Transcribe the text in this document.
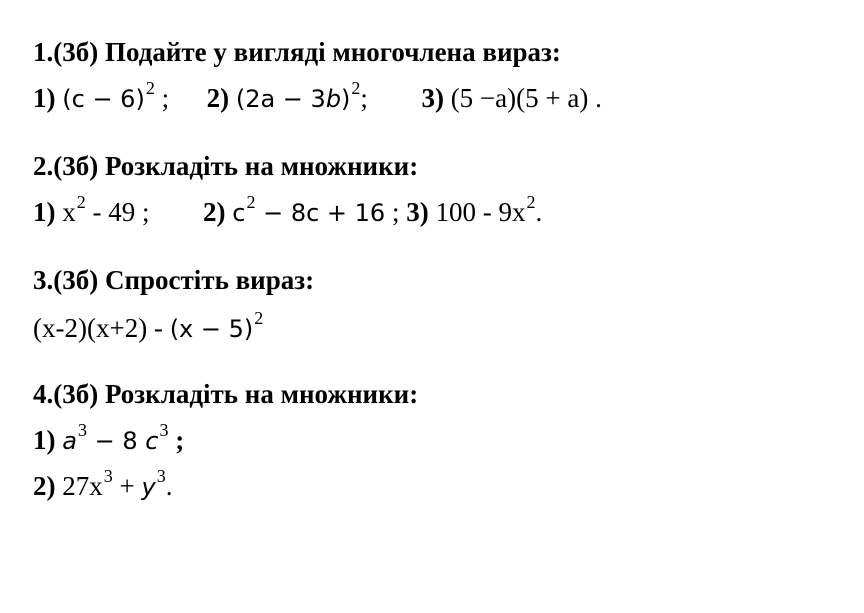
1.(3б) Подайте у вигляді многочлена вираз:
1) $(c - 6)^2$ ; 2) $(2a - 3b)^2$; 3) (5 −a)(5 + a) .
2.(3б) Розкладіть на множники:
1) $x^2 - 49$ ; 2) $c^2 - 8c + 16$ ; 3) $100 - 9x^2$.
3.(3б) Спростіть вираз:
$(x-2)(x+2) - (x - 5)^2$
4.(3б) Розкладіть на множники:
1) $a^3 - 8$ $c^3$ ;
2) $27x^3 + y^3$.
